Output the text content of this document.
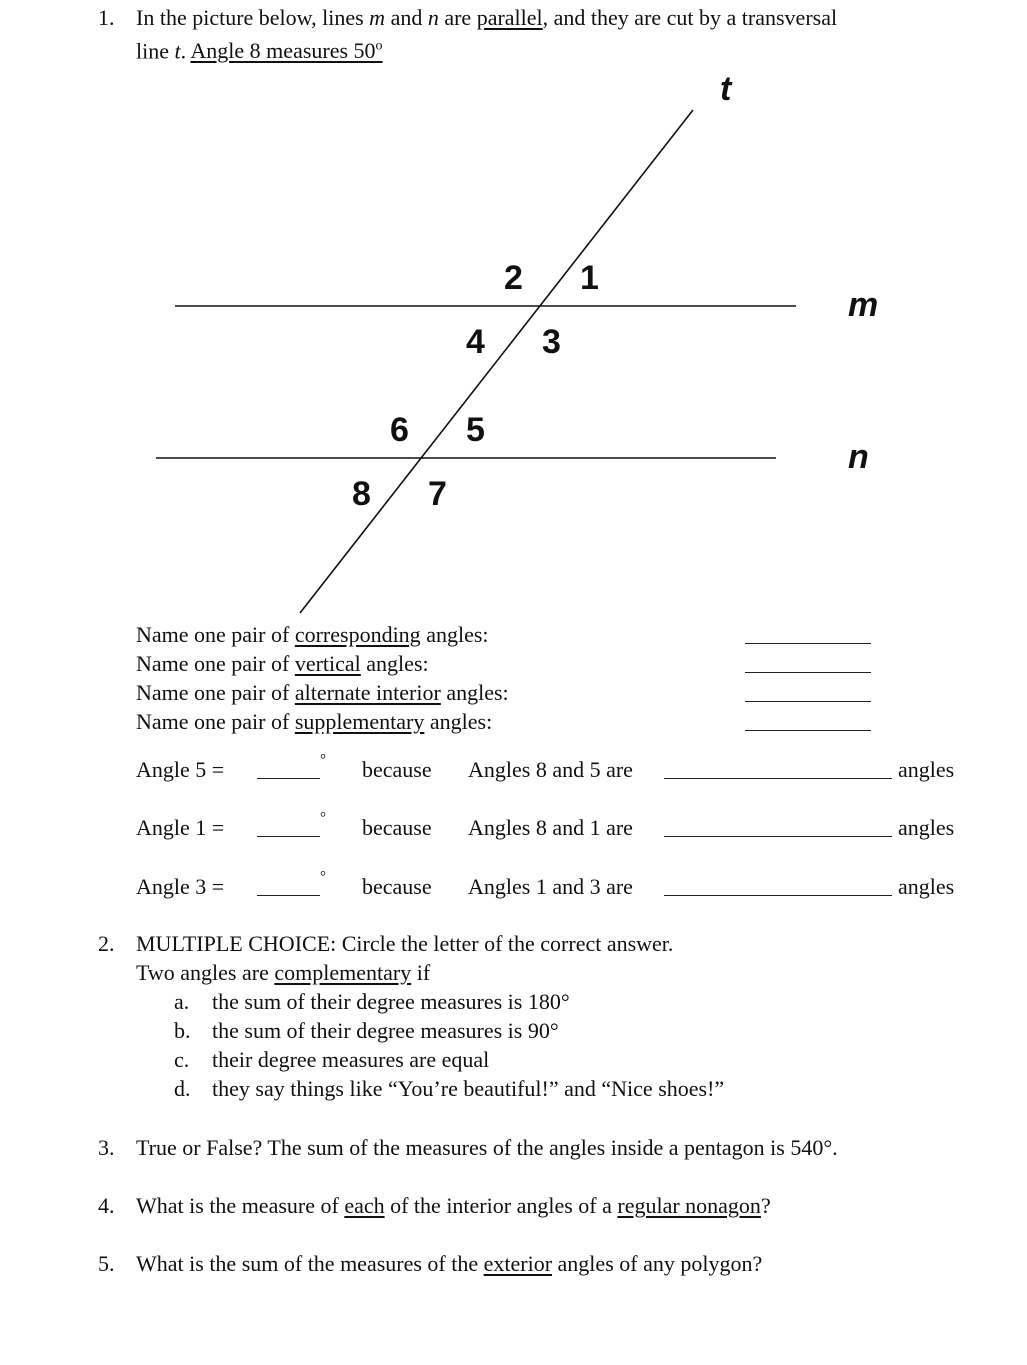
1. In the picture below, lines m and n are parallel, and they are cut by a transversal
line t. Angle 8 measures 50$^o$
t
m
n
1
2
3
4
5
6
7
8
Name one pair of corresponding angles:
Name one pair of vertical angles:
Name one pair of alternate interior angles:
Name one pair of supplementary angles:
Angle 5 =	° because Angles 8 and 5 are	angles
Angle 1 =	° because Angles 8 and 1 are	angles
Angle 3 =	° because Angles 1 and 3 are	angles
2. MULTIPLE CHOICE: Circle the letter of the correct answer.
Two angles are complementary if
a. the sum of their degree measures is 180°
b. the sum of their degree measures is 90°
c. their degree measures are equal
d. they say things like “You’re beautiful!” and “Nice shoes!”
3. True or False? The sum of the measures of the angles inside a pentagon is 540°.
4. What is the measure of each of the interior angles of a regular nonagon?
5. What is the sum of the measures of the exterior angles of any polygon?
